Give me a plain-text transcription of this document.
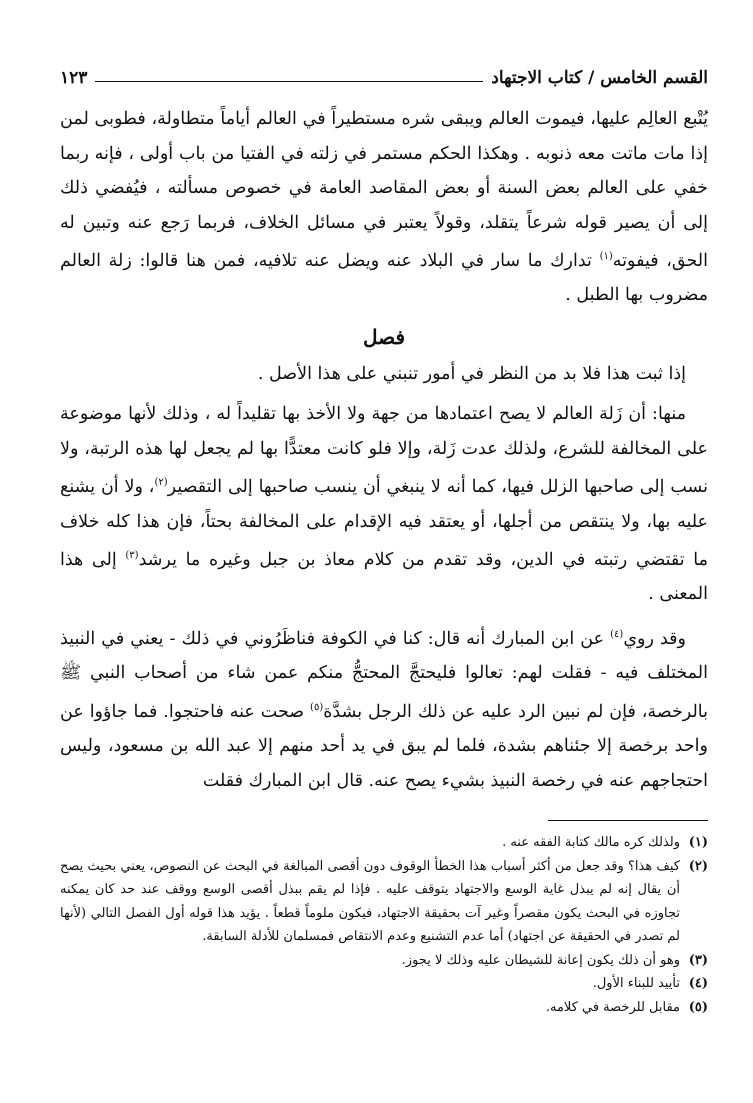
القسم الخامس / كتاب الاجتهاد
١٢٣

يُتْبع العالِم عليها، فيموت العالم ويبقى شره مستطيراً في العالم أياماً متطاولة، فطوبى لمن إذا مات ماتت معه ذنوبه . وهكذا الحكم مستمر في زلته في الفتيا من باب أولى ، فإنه ربما خفي على العالم بعض السنة أو بعض المقاصد العامة في خصوص مسألته ، فيُفضي ذلك إلى أن يصير قوله شرعاً يتقلد، وقولاً يعتبر في مسائل الخلاف، فربما رَجع عنه وتبين له الحق، فيفوته$^{(١)}$ تدارك ما سار في البلاد عنه ويضل عنه تلافيه، فمن هنا قالوا: زلة العالم مضروب بها الطبل .

فصل

إذا ثبت هذا فلا بد من النظر في أمور تنبني على هذا الأصل .

منها: أن زَلة العالم لا يصح اعتمادها من جهة ولا الأخذ بها تقليداً له ، وذلك لأنها موضوعة على المخالفة للشرع، ولذلك عدت زَلة، وإلا فلو كانت معتدًّا بها لم يجعل لها هذه الرتبة، ولا نسب إلى صاحبها الزلل فيها، كما أنه لا ينبغي أن ينسب صاحبها إلى التقصير$^{(٢)}$، ولا أن يشنع عليه بها، ولا ينتقص من أجلها، أو يعتقد فيه الإقدام على المخالفة بحتاً، فإن هذا كله خلاف ما تقتضي رتبته في الدين، وقد تقدم من كلام معاذ بن جبل وغيره ما يرشد$^{(٣)}$ إلى هذا المعنى .

وقد روي$^{(٤)}$ عن ابن المبارك أنه قال: كنا في الكوفة فناظَرُوني في ذلك - يعني في النبيذ المختلف فيه - فقلت لهم: تعالوا فليحتجَّ المحتجُّ منكم عمن شاء من أصحاب النبي ﷺ بالرخصة، فإن لم نبين الرد عليه عن ذلك الرجل بشدَّة$^{(٥)}$ صحت عنه فاحتجوا. فما جاؤوا عن واحد برخصة إلا جئناهم بشدة، فلما لم يبق في يد أحد منهم إلا عبد الله بن مسعود، وليس احتجاجهم عنه في رخصة النبيذ بشيء يصح عنه. قال ابن المبارك فقلت

(١)
ولذلك كره مالك كتابة الفقه عنه .
(٢)
كيف هذا؟ وقد جعل من أكثر أسباب هذا الخطأ الوقوف دون أقصى المبالغة في البحث عن النصوص، يعني بحيث يصح أن يقال إنه لم يبذل غاية الوسع والاجتهاد يتوقف عليه . فإذا لم يقم ببذل أقصى الوسع ووقف عند حد كان يمكنه تجاوزه في البحث يكون مقصراً وغير آت بحقيقة الاجتهاد، فيكون ملوماً قطعاً . يؤيد هذا قوله أول الفصل التالي (لأنها لم تصدر في الحقيقة عن اجتهاد) أما عدم التشنيع وعدم الانتقاص فمسلمان للأدلة السابقة.
(٣)
وهو أن ذلك يكون إعانة للشيطان عليه وذلك لا يجوز.
(٤)
تأييد للبناء الأول.
(٥)
مقابل للرخصة في كلامه.
